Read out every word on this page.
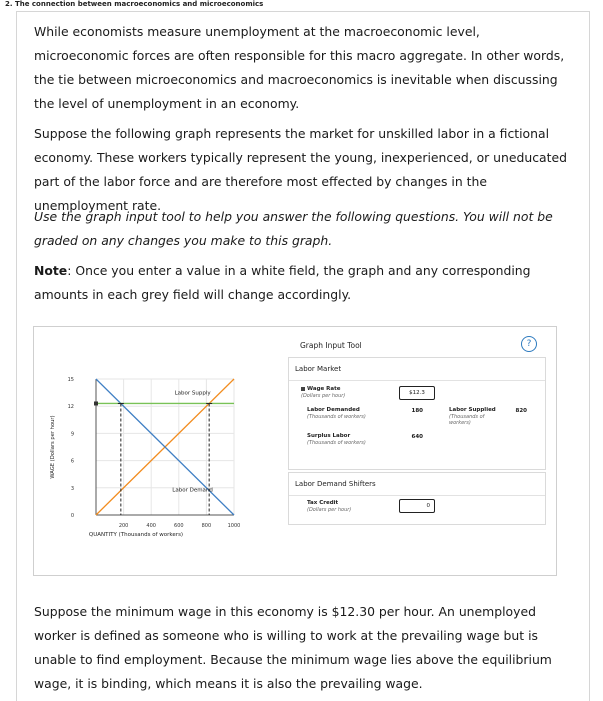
2. The connection between macroeconomics and microeconomics
While economists measure unemployment at the macroeconomic level, microeconomic forces are often responsible for this macro aggregate. In other words, the tie between microeconomics and macroeconomics is inevitable when discussing the level of unemployment in an economy.
Suppose the following graph represents the market for unskilled labor in a fictional economy. These workers typically represent the young, inexperienced, or uneducated part of the labor force and are therefore most effected by changes in the unemployment rate.
Use the graph input tool to help you answer the following questions. You will not be graded on any changes you make to this graph.
Note: Once you enter a value in a white field, the graph and any corresponding amounts in each grey field will change accordingly.
3
6
9
12
15
200	400	600	800	1000
0
QUANTITY (Thousands of workers)
WAGE (Dollars per hour)
Labor Supply
Labor Demand
Graph Input Tool	?
Labor Market
Wage Rate
(Dollars per hour)	$12.3
Labor Demanded
(Thousands of workers)
180	Labor Supplied
(Thousands of workers)
820
Surplus Labor
(Thousands of workers)
640
Labor Demand Shifters
Tax Credit
(Dollars per hour)
0
Suppose the minimum wage in this economy is $12.30 per hour. An unemployed worker is defined as someone who is willing to work at the prevailing wage but is unable to find employment. Because the minimum wage lies above the equilibrium wage, it is binding, which means it is also the prevailing wage.
